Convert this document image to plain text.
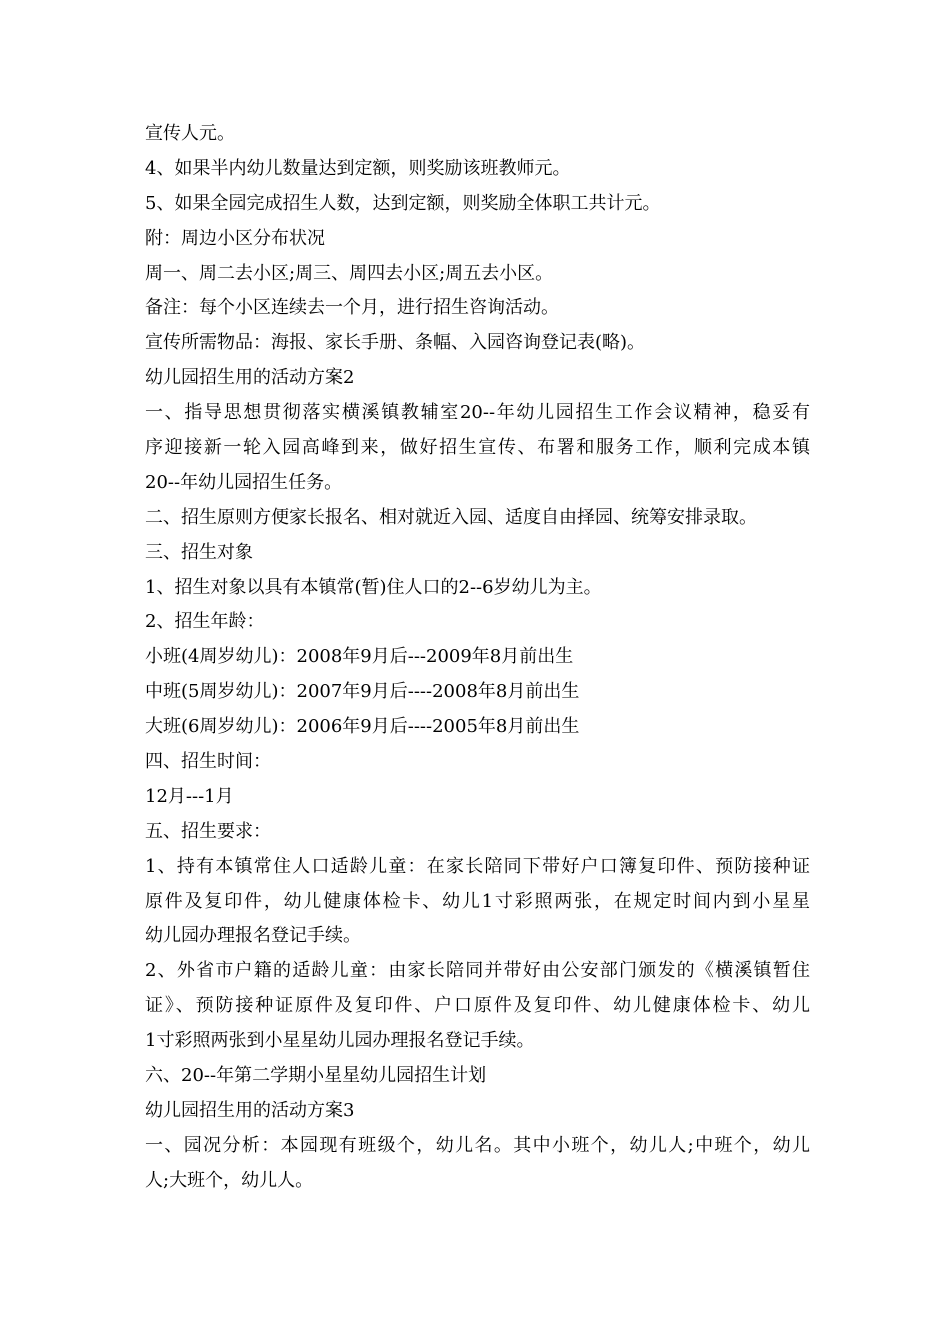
宣传人元。
4、如果半内幼儿数量达到定额，则奖励该班教师元。
5、如果全园完成招生人数，达到定额，则奖励全体职工共计元。
附：周边小区分布状况
周一、周二去小区;周三、周四去小区;周五去小区。
备注：每个小区连续去一个月，进行招生咨询活动。
宣传所需物品：海报、家长手册、条幅、入园咨询登记表(略)。
幼儿园招生用的活动方案2
一、指导思想贯彻落实横溪镇教辅室20--年幼儿园招生工作会议精神，稳妥有
序迎接新一轮入园高峰到来，做好招生宣传、布署和服务工作，顺利完成本镇
20--年幼儿园招生任务。
二、招生原则方便家长报名、相对就近入园、适度自由择园、统筹安排录取。
三、招生对象
1、招生对象以具有本镇常(暂)住人口的2--6岁幼儿为主。
2、招生年龄：
小班(4周岁幼儿)：2008年9月后---2009年8月前出生
中班(5周岁幼儿)：2007年9月后----2008年8月前出生
大班(6周岁幼儿)：2006年9月后----2005年8月前出生
四、招生时间：
12月---1月
五、招生要求：
1、持有本镇常住人口适龄儿童：在家长陪同下带好户口簿复印件、预防接种证
原件及复印件，幼儿健康体检卡、幼儿1寸彩照两张，在规定时间内到小星星
幼儿园办理报名登记手续。
2、外省市户籍的适龄儿童：由家长陪同并带好由公安部门颁发的《横溪镇暂住
证》、预防接种证原件及复印件、户口原件及复印件、幼儿健康体检卡、幼儿
1寸彩照两张到小星星幼儿园办理报名登记手续。
六、20--年第二学期小星星幼儿园招生计划
幼儿园招生用的活动方案3
一、园况分析：本园现有班级个，幼儿名。其中小班个，幼儿人;中班个，幼儿
人;大班个，幼儿人。
